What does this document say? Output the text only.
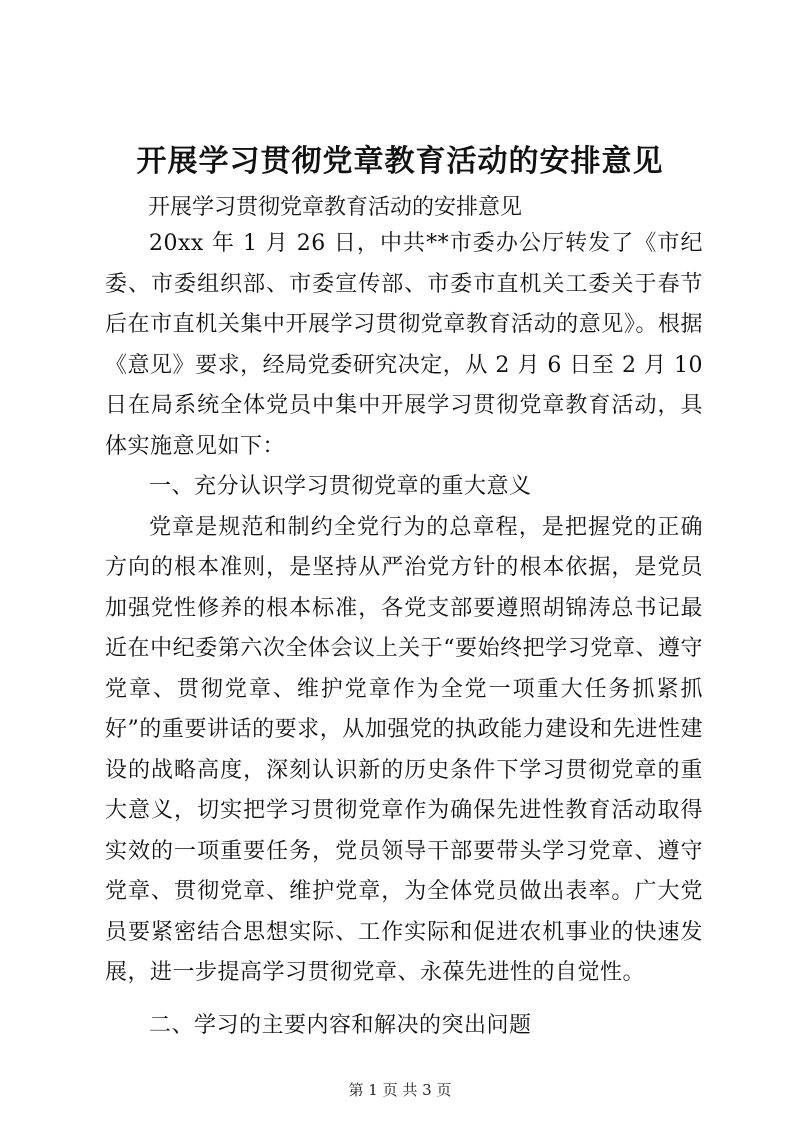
开展学习贯彻党章教育活动的安排意见

开展学习贯彻党章教育活动的安排意见

20xx 年 1 月 26 日，中共**市委办公厅转发了《市纪委、市委组织部、市委宣传部、市委市直机关工委关于春节后在市直机关集中开展学习贯彻党章教育活动的意见》。根据《意见》要求，经局党委研究决定，从 2 月 6 日至 2 月 10 日在局系统全体党员中集中开展学习贯彻党章教育活动，具体实施意见如下：

一、充分认识学习贯彻党章的重大意义

党章是规范和制约全党行为的总章程，是把握党的正确方向的根本准则，是坚持从严治党方针的根本依据，是党员加强党性修养的根本标准，各党支部要遵照胡锦涛总书记最近在中纪委第六次全体会议上关于“要始终把学习党章、遵守党章、贯彻党章、维护党章作为全党一项重大任务抓紧抓好”的重要讲话的要求，从加强党的执政能力建设和先进性建设的战略高度，深刻认识新的历史条件下学习贯彻党章的重大意义，切实把学习贯彻党章作为确保先进性教育活动取得实效的一项重要任务，党员领导干部要带头学习党章、遵守党章、贯彻党章、维护党章，为全体党员做出表率。广大党员要紧密结合思想实际、工作实际和促进农机事业的快速发展，进一步提高学习贯彻党章、永葆先进性的自觉性。

二、学习的主要内容和解决的突出问题

第 1 页 共 3 页
